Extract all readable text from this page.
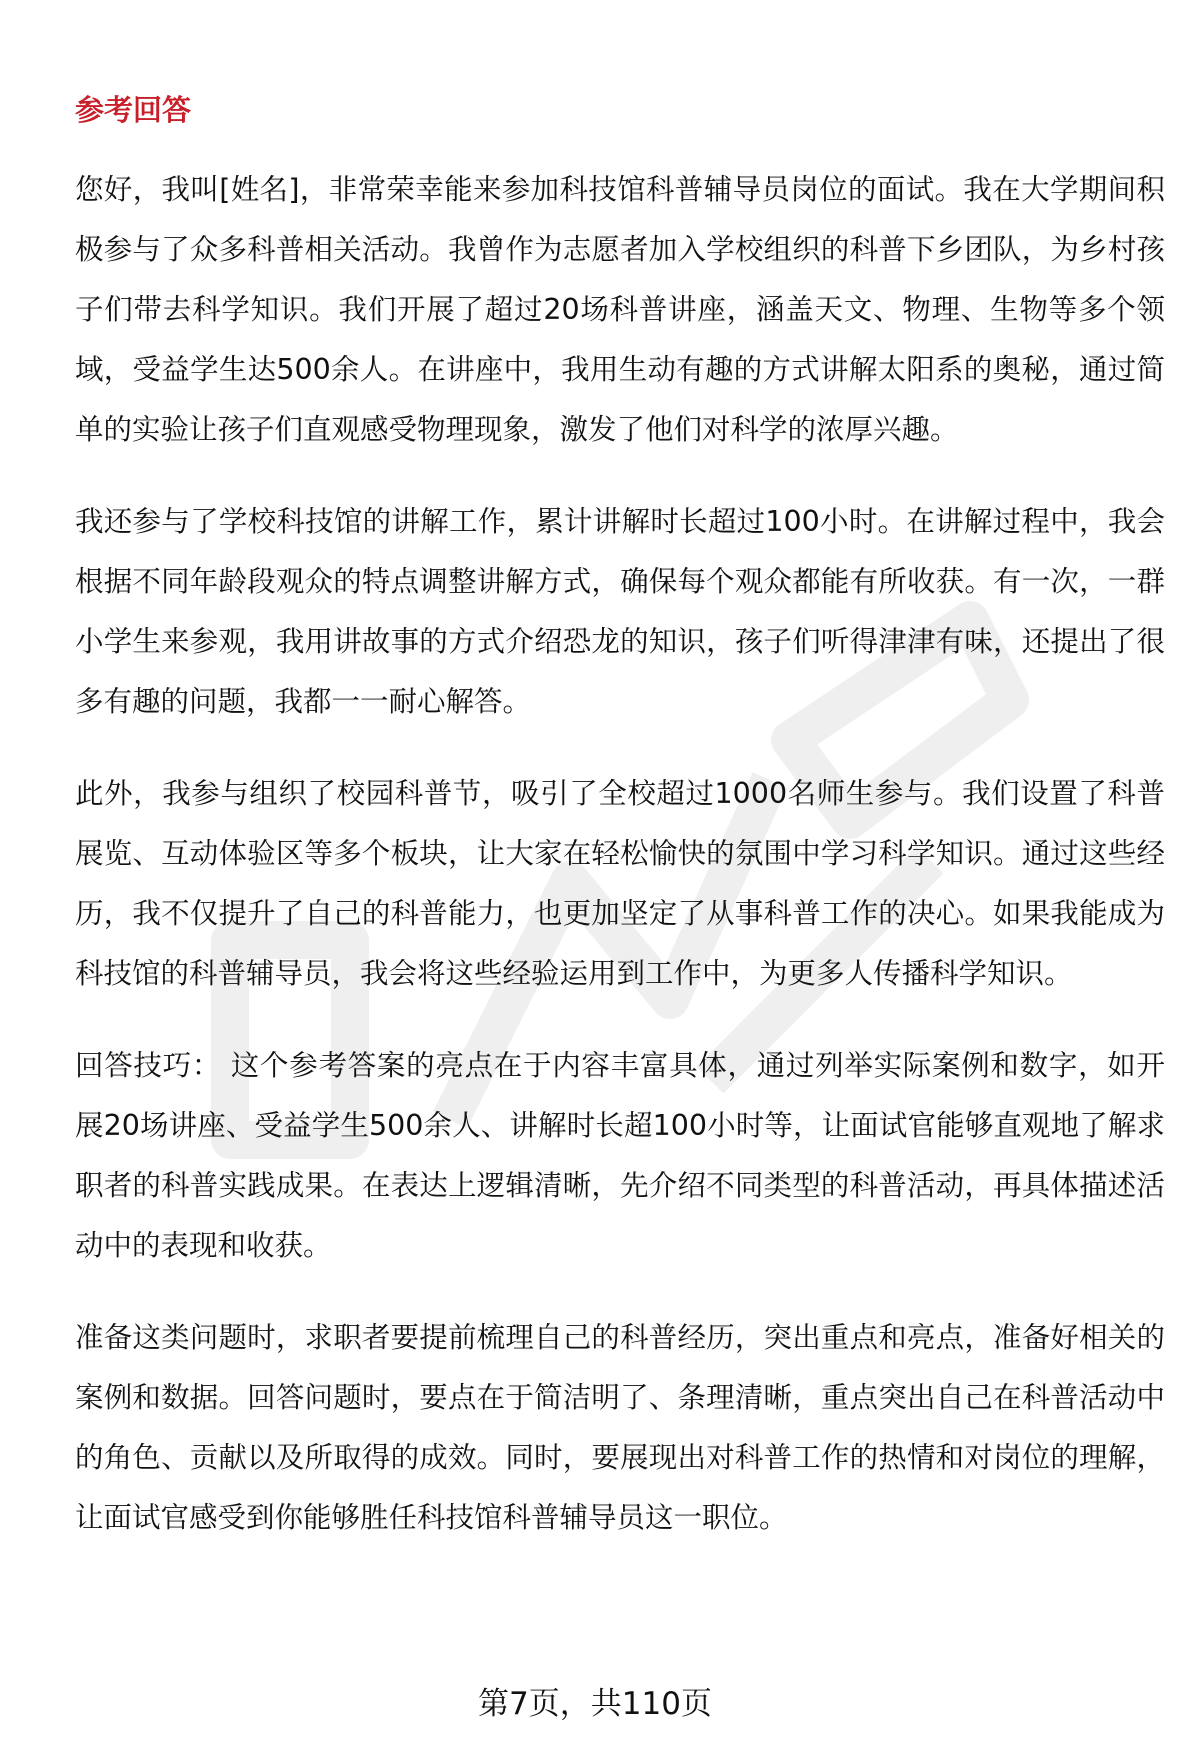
参考回答

您好，我叫[姓名]，非常荣幸能来参加科技馆科普辅导员岗位的面试。我在大学期间积极参与了众多科普相关活动。我曾作为志愿者加入学校组织的科普下乡团队，为乡村孩子们带去科学知识。我们开展了超过20场科普讲座，涵盖天文、物理、生物等多个领域，受益学生达500余人。在讲座中，我用生动有趣的方式讲解太阳系的奥秘，通过简单的实验让孩子们直观感受物理现象，激发了他们对科学的浓厚兴趣。

我还参与了学校科技馆的讲解工作，累计讲解时长超过100小时。在讲解过程中，我会根据不同年龄段观众的特点调整讲解方式，确保每个观众都能有所收获。有一次，一群小学生来参观，我用讲故事的方式介绍恐龙的知识，孩子们听得津津有味，还提出了很多有趣的问题，我都一一耐心解答。

此外，我参与组织了校园科普节，吸引了全校超过1000名师生参与。我们设置了科普展览、互动体验区等多个板块，让大家在轻松愉快的氛围中学习科学知识。通过这些经历，我不仅提升了自己的科普能力，也更加坚定了从事科普工作的决心。如果我能成为科技馆的科普辅导员，我会将这些经验运用到工作中，为更多人传播科学知识。

回答技巧： 这个参考答案的亮点在于内容丰富具体，通过列举实际案例和数字，如开展20场讲座、受益学生500余人、讲解时长超100小时等，让面试官能够直观地了解求职者的科普实践成果。在表达上逻辑清晰，先介绍不同类型的科普活动，再具体描述活动中的表现和收获。

准备这类问题时，求职者要提前梳理自己的科普经历，突出重点和亮点，准备好相关的案例和数据。回答问题时，要点在于简洁明了、条理清晰，重点突出自己在科普活动中的角色、贡献以及所取得的成效。同时，要展现出对科普工作的热情和对岗位的理解，让面试官感受到你能够胜任科技馆科普辅导员这一职位。

第7页，共110页
